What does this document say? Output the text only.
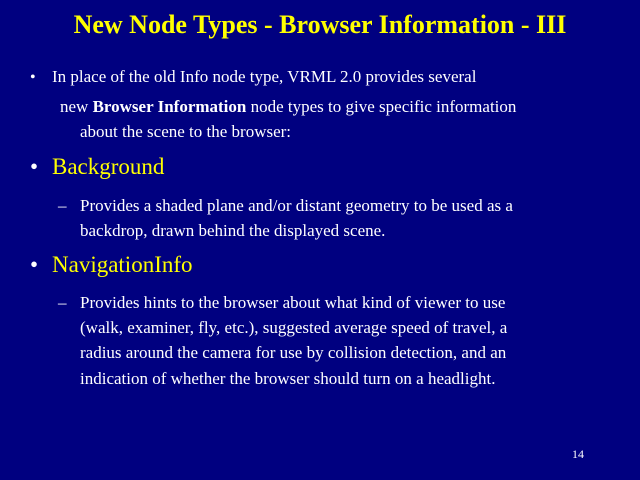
New Node Types - Browser Information - III
• In place of the old Info node type, VRML 2.0 provides several
new Browser Information node types to give specific information
about the scene to the browser:
• Background
– Provides a shaded plane and/or distant geometry to be used as a
backdrop, drawn behind the displayed scene.
• NavigationInfo
– Provides hints to the browser about what kind of viewer to use
(walk, examiner, fly, etc.), suggested average speed of travel, a
radius around the camera for use by collision detection, and an
indication of whether the browser should turn on a headlight.
14
